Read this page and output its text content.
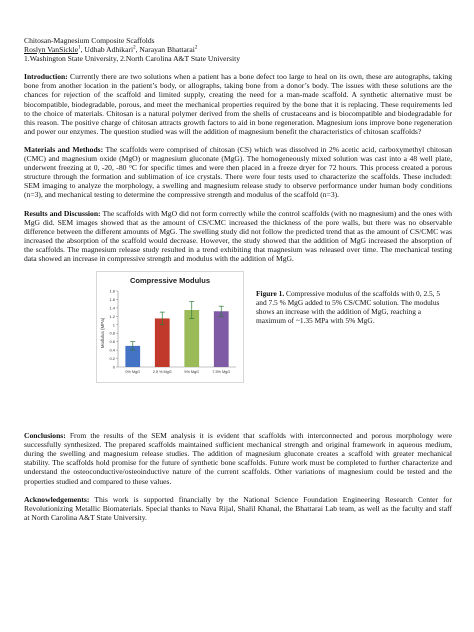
Chitosan-Magnesium Composite Scaffolds
Roslyn VanSickle$^1$, Udhab Adhikari$^2$, Narayan Bhattarai$^2$
1.Washington State University, 2.North Carolina A&T State University

Introduction: Currently there are two solutions when a patient has a bone defect too large to heal on its own, these are autographs, taking bone from another location in the patient’s body, or allographs, taking bone from a donor’s body. The issues with these solutions are the chances for rejection of the scaffold and limited supply, creating the need for a man-made scaffold. A synthetic alternative must be biocompatible, biodegradable, porous, and meet the mechanical properties required by the bone that it is replacing. These requirements led to the choice of materials. Chitosan is a natural polymer derived from the shells of crustaceans and is biocompatible and biodegradable for this reason. The positive charge of chitosan attracts growth factors to aid in bone regeneration. Magnesium ions improve bone regeneration and power our enzymes. The question studied was will the addition of magnesium benefit the characteristics of chitosan scaffolds?

Materials and Methods: The scaffolds were comprised of chitosan (CS) which was dissolved in 2% acetic acid, carboxymethyl chitosan (CMC) and magnesium oxide (MgO) or magnesium gluconate (MgG). The homogeneously mixed solution was cast into a 48 well plate, underwent freezing at 0, -20, -80 °C for specific times and were then placed in a freeze dryer for 72 hours. This process created a porous structure through the formation and sublimation of ice crystals. There were four tests used to characterize the scaffolds. These included: SEM imaging to analyze the morphology, a swelling and magnesium release study to observe performance under human body conditions (n=3), and mechanical testing to determine the compressive strength and modulus of the scaffold (n=3).

Results and Discussion: The scaffolds with MgO did not form correctly while the control scaffolds (with no magnesium) and the ones with MgG did. SEM images showed that as the amount of CS/CMC increased the thickness of the pore walls, but there was no observable difference between the different amounts of MgG. The swelling study did not follow the predicted trend that as the amount of CS/CMC was increased the absorption of the scaffold would decrease. However, the study showed that the addition of MgG increased the absorption of the scaffolds. The magnesium release study resulted in a trend exhibiting that magnesium was released over time. The mechanical testing data showed an increase in compressive strength and modulus with the addition of MgG.

Compressive Modulus
Modulus (MPa)
0
0.2
0.4
0.6
0.8
1
1.2
1.4
1.6
1.8
0% MgG	2.5 % MgG	5% MgG	7.5% MgG
Figure 1. Compressive modulus of the scaffolds with 0, 2.5, 5 and 7.5 % MgG added to 5% CS/CMC solution. The modulus shows an increase with the addition of MgG, reaching a maximum of ~1.35 MPa with 5% MgG.

Conclusions: From the results of the SEM analysis it is evident that scaffolds with interconnected and porous morphology were successfully synthesized. The prepared scaffolds maintained sufficient mechanical strength and original framework in aqueous medium, during the swelling and magnesium release studies. The addition of magnesium gluconate creates a scaffold with greater mechanical stability. The scaffolds hold promise for the future of synthetic bone scaffolds. Future work must be completed to further characterize and understand the osteoconductive/osteoinductive nature of the current scaffolds. Other variations of magnesium could be tested and the properties studied and compared to these values.

Acknowledgements: This work is supported financially by the National Science Foundation Engineering Research Center for Revolutionizing Metallic Biomaterials. Special thanks to Nava Rijal, Shalil Khanal, the Bhattarai Lab team, as well as the faculty and staff at North Carolina A&T State University.
